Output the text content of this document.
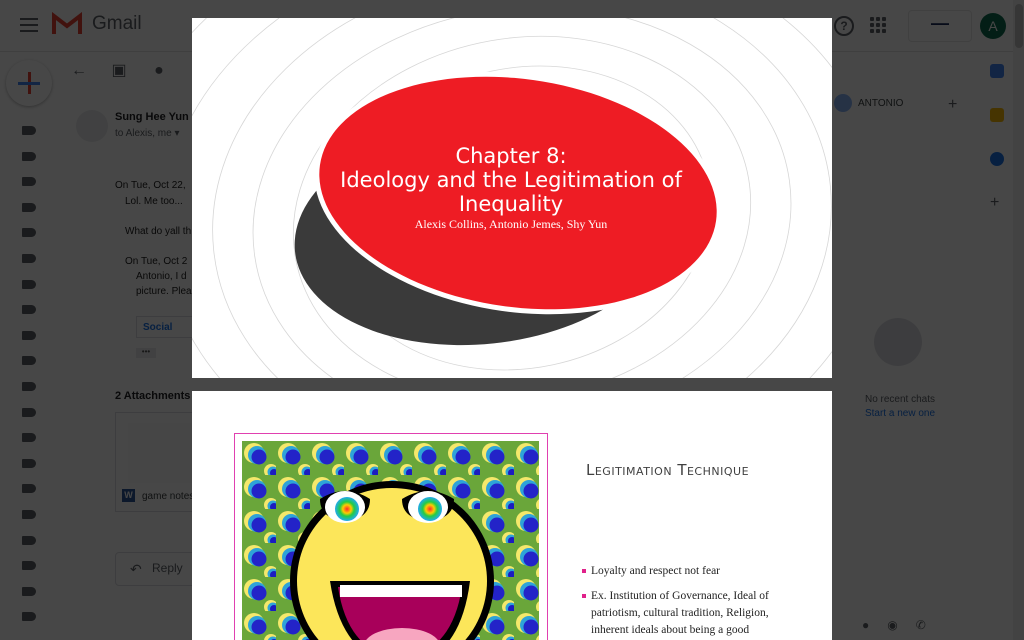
Chapter 8:
Ideology and the Legitimation of
Inequality
Alexis Collins, Antonio Jemes, Shy Yun
Legitimation Technique
Loyalty and respect not fear
Ex. Institution of Governance, Ideal of patriotism, cultural tradition, Religion, inherent ideals about being a good
